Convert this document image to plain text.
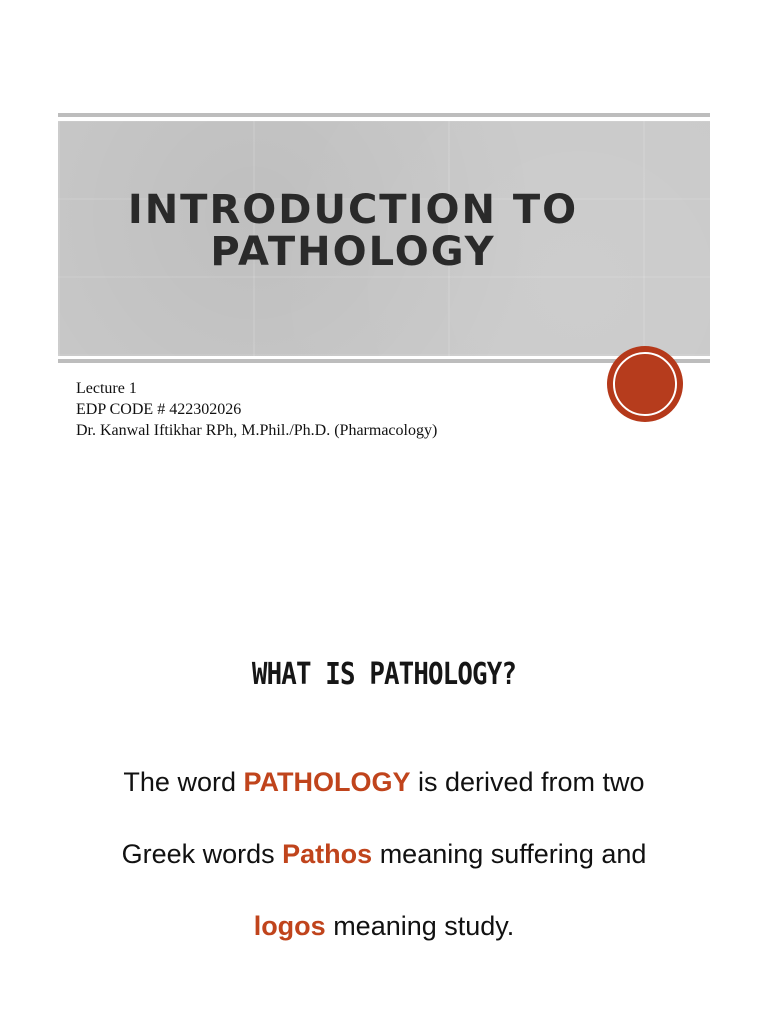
INTRODUCTION TO PATHOLOGY
Lecture 1
EDP CODE # 422302026
Dr. Kanwal Iftikhar RPh, M.Phil./Ph.D. (Pharmacology)
WHAT IS PATHOLOGY?
The word PATHOLOGY is derived from two
Greek words Pathos meaning suffering and
logos meaning study.
